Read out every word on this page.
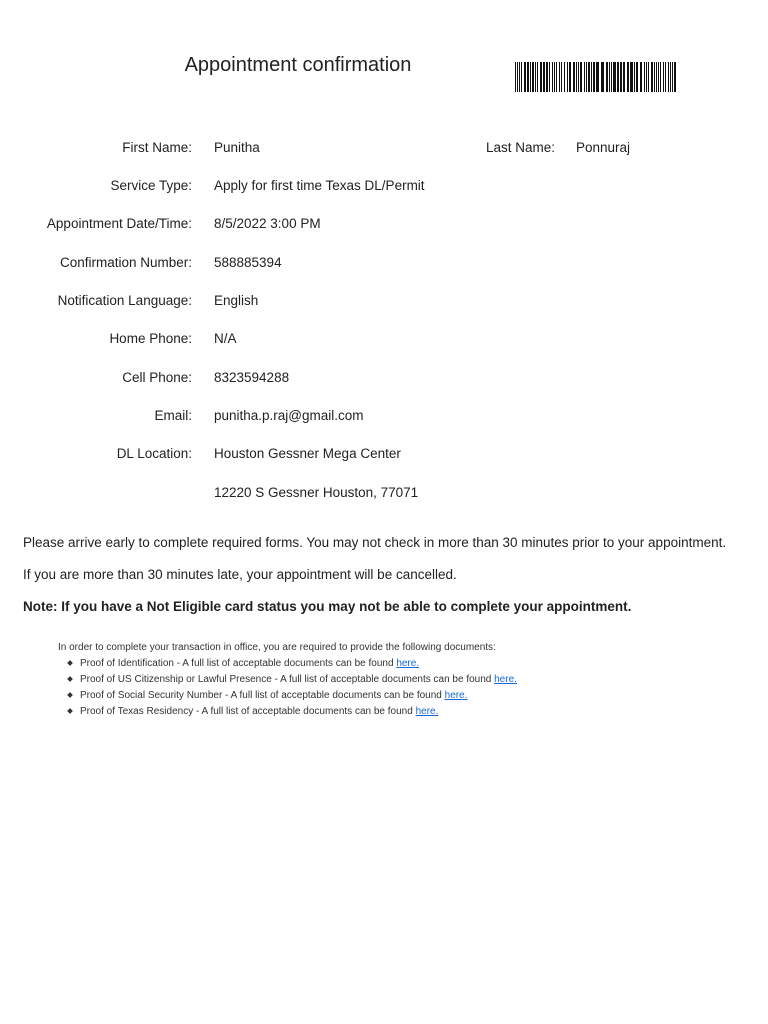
Appointment confirmation
First Name: Punitha	Last Name: Ponnuraj
Service Type: Apply for first time Texas DL/Permit
Appointment Date/Time: 8/5/2022 3:00 PM
Confirmation Number: 588885394
Notification Language: English
Home Phone: N/A
Cell Phone: 8323594288
Email: punitha.p.raj@gmail.com
DL Location: Houston Gessner Mega Center
12220 S Gessner Houston, 77071
Please arrive early to complete required forms. You may not check in more than 30 minutes prior to your appointment.
If you are more than 30 minutes late, your appointment will be cancelled.
Note: If you have a Not Eligible card status you may not be able to complete your appointment.
In order to complete your transaction in office, you are required to provide the following documents:
Proof of Identification - A full list of acceptable documents can be found here.
Proof of US Citizenship or Lawful Presence - A full list of acceptable documents can be found here.
Proof of Social Security Number - A full list of acceptable documents can be found here.
Proof of Texas Residency - A full list of acceptable documents can be found here.
